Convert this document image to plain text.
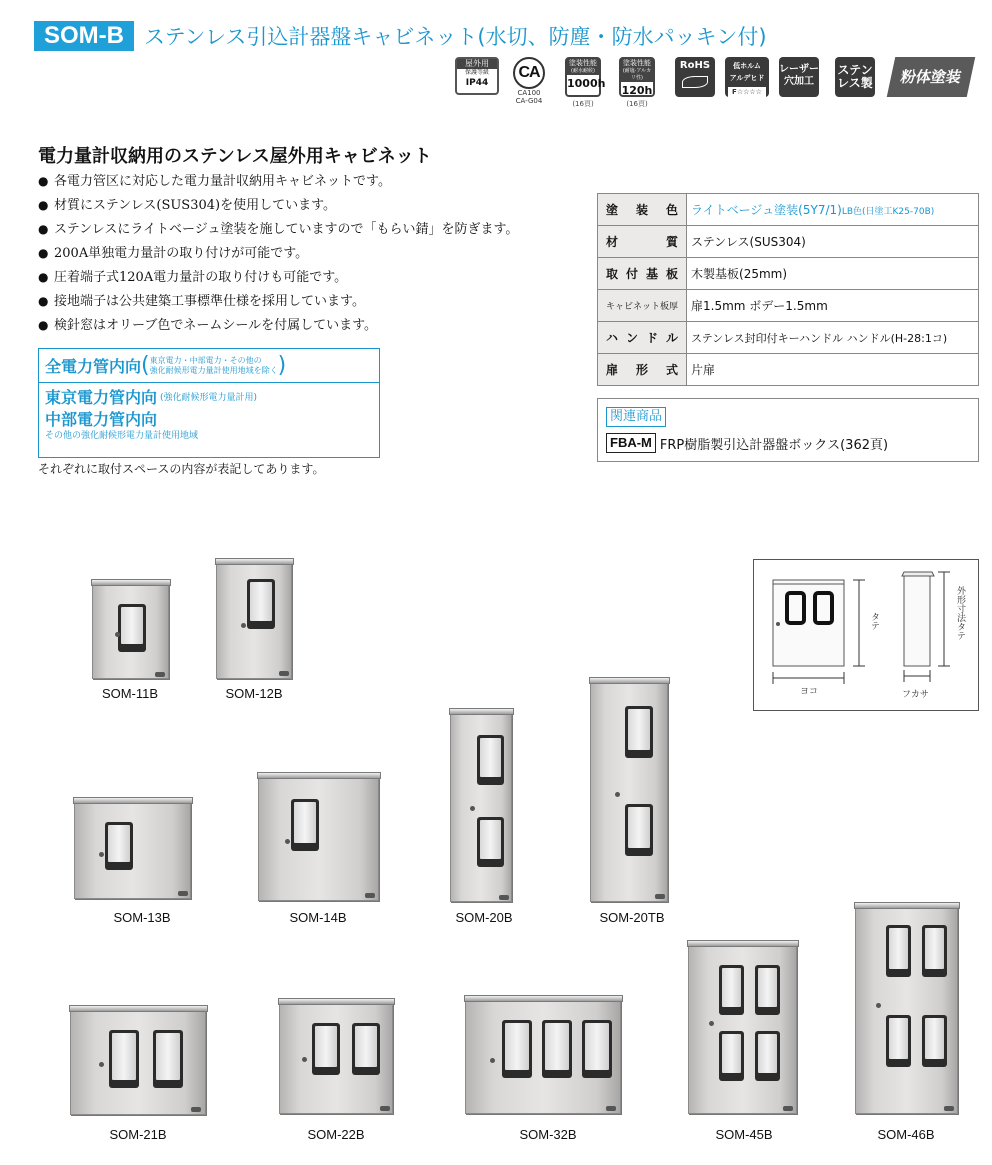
SOM-B ステンレス引込計器盤キャビネット(水切、防塵・防水パッキン付)
屋外用
保護等級
IP44
CA
CA100
CA-G04
塗装性能
(耐水耐候)
1000h
(16頁)
塗装性能
(耐塩·アルカリ性)
120h
(16頁)
RoHS	低ホルム
アルデヒド
F☆☆☆☆
レーザー
穴加工
ステン
レス製	粉体塗装
電力量計収納用のステンレス屋外用キャビネット
● 各電力管区に対応した電力量計収納用キャビネットです。
● 材質にステンレス(SUS304)を使用しています。
● ステンレスにライトベージュ塗装を施していますので「もらい錆」を防ぎます。
● 200A単独電力量計の取り付けが可能です。
● 圧着端子式120A電力量計の取り付けも可能です。
● 接地端子は公共建築工事標準仕様を採用しています。
● 検針窓はオリーブ色でネームシールを付属しています。
全電力管内向 ( 東京電力・中部電力・その他の
強化耐候形電力量計使用地域を除く )
東京電力管内向 (強化耐候形電力量計用)
中部電力管内向
その他の強化耐候形電力量計使用地域
それぞれに取付スペースの内容が表記してあります。
塗装色	ライトベージュ塗装(5Y7/1)LB色(日塗工K25-70B)
材質	ステンレス(SUS304)
取付基板	木製基板(25mm)
キャビネット板厚	扉1.5mm ボデー1.5mm
ハンドル	ステンレス封印付キーハンドル ハンドル(H-28:1コ)
扉形式	片扉
関連商品
FBA-M FRP樹脂製引込計器盤ボックス(362頁)
タテ
ヨコ	フカサ
外形寸法タテ
SOM-11B	SOM-12B
SOM-13B	SOM-14B	SOM-20B	SOM-20TB
SOM-21B	SOM-22B	SOM-32B	SOM-45B	SOM-46B
